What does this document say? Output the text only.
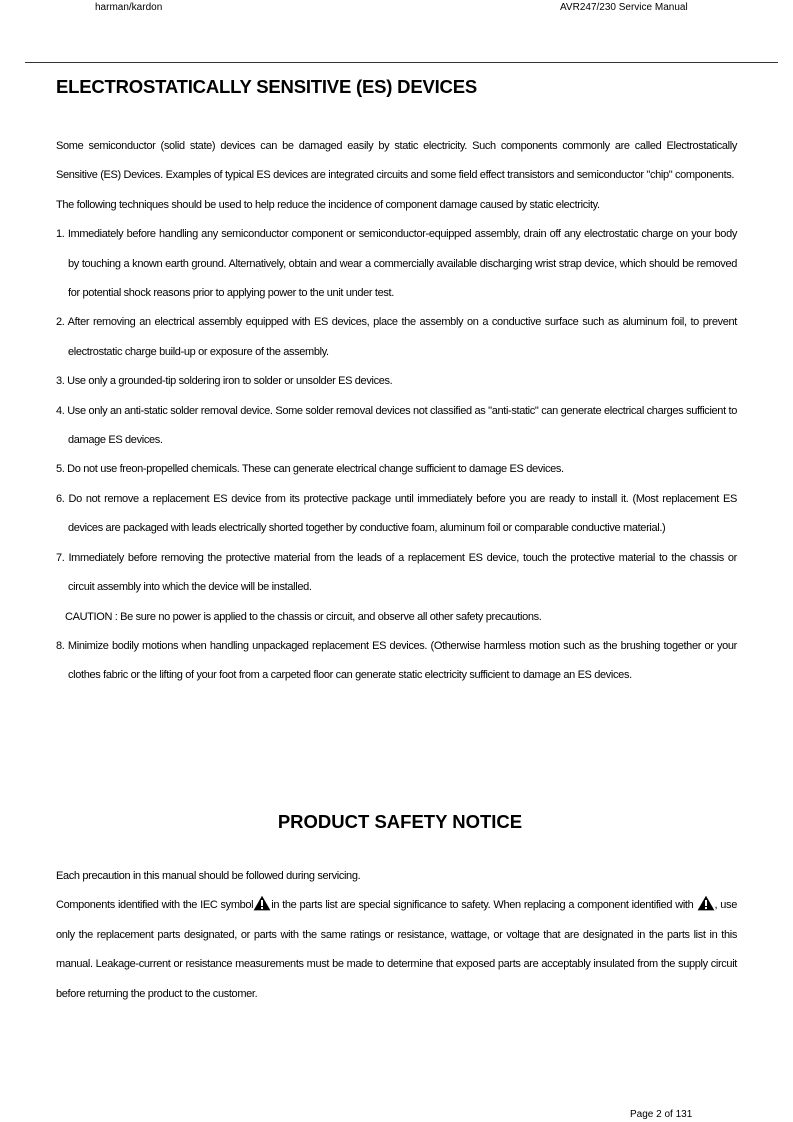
harman/kardon	AVR247/230 Service Manual
ELECTROSTATICALLY SENSITIVE (ES) DEVICES

Some semiconductor (solid state) devices can be damaged easily by static electricity. Such components commonly are called Electrostatically Sensitive (ES) Devices. Examples of typical ES devices are integrated circuits and some field effect transistors and semiconductor "chip" components.

The following techniques should be used to help reduce the incidence of component damage caused by static electricity.

1. Immediately before handling any semiconductor component or semiconductor-equipped assembly, drain off any electrostatic charge on your body by touching a known earth ground. Alternatively, obtain and wear a commercially available discharging wrist strap device, which should be removed for potential shock reasons prior to applying power to the unit under test.
2. After removing an electrical assembly equipped with ES devices, place the assembly on a conductive surface such as aluminum foil, to prevent electrostatic charge build-up or exposure of the assembly.
3. Use only a grounded-tip soldering iron to solder or unsolder ES devices.
4. Use only an anti-static solder removal device. Some solder removal devices not classified as "anti-static" can generate electrical charges sufficient to damage ES devices.
5. Do not use freon-propelled chemicals. These can generate electrical change sufficient to damage ES devices.
6. Do not remove a replacement ES device from its protective package until immediately before you are ready to install it. (Most replacement ES devices are packaged with leads electrically shorted together by conductive foam, aluminum foil or comparable conductive material.)
7. Immediately before removing the protective material from the leads of a replacement ES device, touch the protective material to the chassis or circuit assembly into which the device will be installed.
CAUTION : Be sure no power is applied to the chassis or circuit, and observe all other safety precautions.
8. Minimize bodily motions when handling unpackaged replacement ES devices. (Otherwise harmless motion such as the brushing together or your clothes fabric or the lifting of your foot from a carpeted floor can generate static electricity sufficient to damage an ES devices.
PRODUCT SAFETY NOTICE

Each precaution in this manual should be followed during servicing.

Components identified with the IEC symbol in the parts list are special significance to safety. When replacing a component identified with , use only the replacement parts designated, or parts with the same ratings or resistance, wattage, or voltage that are designated in the parts list in this manual. Leakage-current or resistance measurements must be made to determine that exposed parts are acceptably insulated from the supply circuit before returning the product to the customer.

Page 2 of 131
